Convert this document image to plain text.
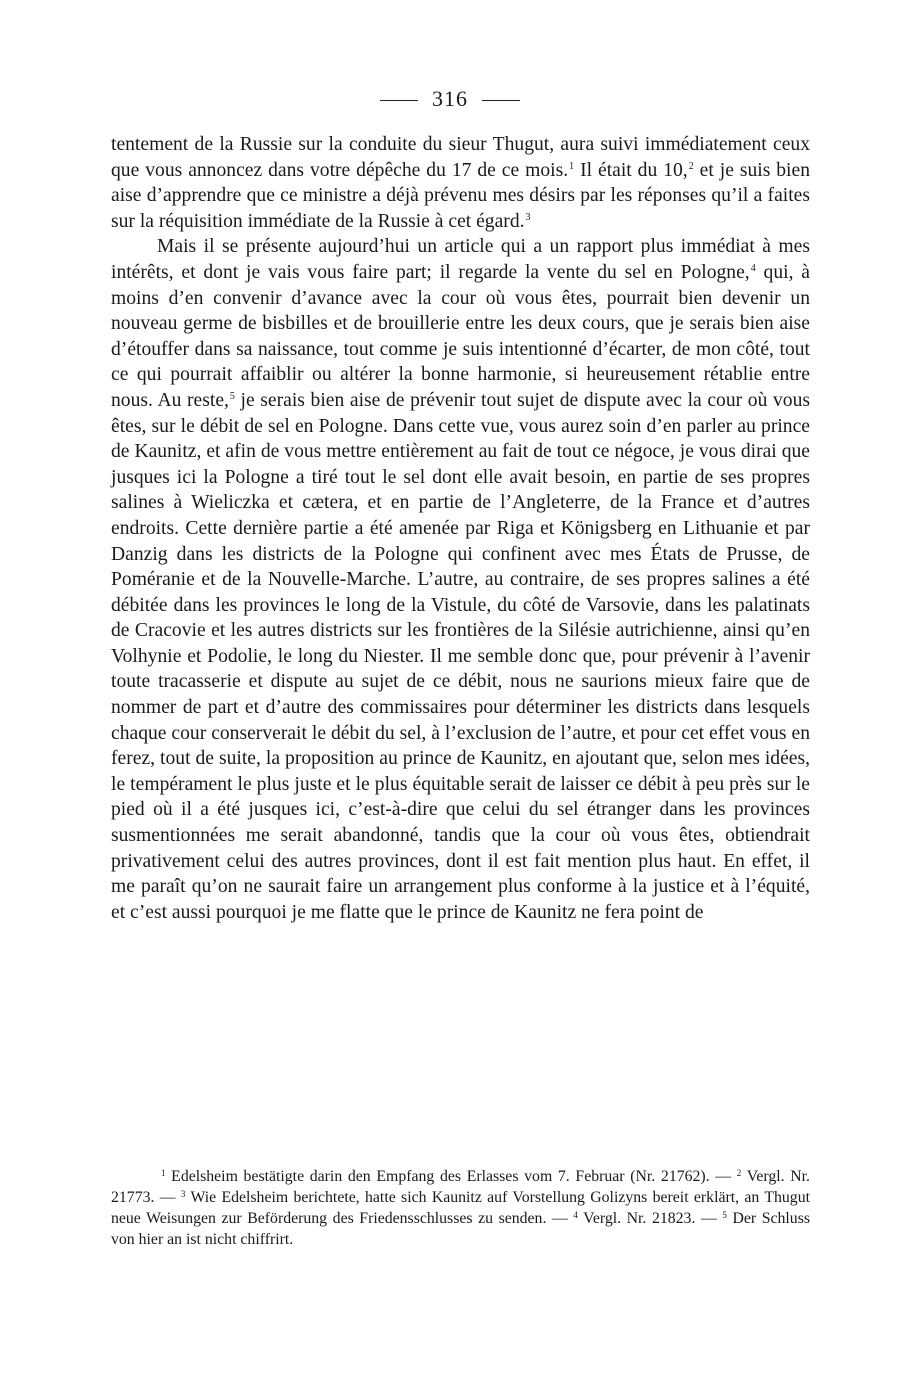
316

tentement de la Russie sur la conduite du sieur Thugut, aura suivi immédiatement ceux que vous annoncez dans votre dépêche du 17 de ce mois.$^1$ Il était du 10,$^2$ et je suis bien aise d’apprendre que ce ministre a déjà prévenu mes désirs par les réponses qu’il a faites sur la réquisition immédiate de la Russie à cet égard.$^3$

Mais il se présente aujourd’hui un article qui a un rapport plus immédiat à mes intérêts, et dont je vais vous faire part; il regarde la vente du sel en Pologne,$^4$ qui, à moins d’en convenir d’avance avec la cour où vous êtes, pourrait bien devenir un nouveau germe de bisbilles et de brouillerie entre les deux cours, que je serais bien aise d’étouffer dans sa naissance, tout comme je suis intentionné d’écarter, de mon côté, tout ce qui pourrait affaiblir ou altérer la bonne harmonie, si heureusement rétablie entre nous. Au reste,$^5$ je serais bien aise de prévenir tout sujet de dispute avec la cour où vous êtes, sur le débit de sel en Pologne. Dans cette vue, vous aurez soin d’en parler au prince de Kaunitz, et afin de vous mettre entièrement au fait de tout ce négoce, je vous dirai que jusques ici la Pologne a tiré tout le sel dont elle avait besoin, en partie de ses propres salines à Wieliczka et cætera, et en partie de l’Angleterre, de la France et d’autres endroits. Cette dernière partie a été amenée par Riga et Königsberg en Lithuanie et par Danzig dans les districts de la Pologne qui confinent avec mes États de Prusse, de Poméranie et de la Nouvelle-Marche. L’autre, au contraire, de ses propres salines a été débitée dans les provinces le long de la Vistule, du côté de Varsovie, dans les palatinats de Cracovie et les autres districts sur les frontières de la Silésie autrichienne, ainsi qu’en Volhynie et Podolie, le long du Niester. Il me semble donc que, pour prévenir à l’avenir toute tracasserie et dispute au sujet de ce débit, nous ne saurions mieux faire que de nommer de part et d’autre des commissaires pour déterminer les districts dans lesquels chaque cour conserverait le débit du sel, à l’exclusion de l’autre, et pour cet effet vous en ferez, tout de suite, la proposition au prince de Kaunitz, en ajoutant que, selon mes idées, le tempérament le plus juste et le plus équitable serait de laisser ce débit à peu près sur le pied où il a été jusques ici, c’est-à-dire que celui du sel étranger dans les provinces susmentionnées me serait abandonné, tandis que la cour où vous êtes, obtiendrait privativement celui des autres provinces, dont il est fait mention plus haut. En effet, il me paraît qu’on ne saurait faire un arrangement plus conforme à la justice et à l’équité, et c’est aussi pourquoi je me flatte que le prince de Kaunitz ne fera point de

$^1$ Edelsheim bestätigte darin den Empfang des Erlasses vom 7. Februar (Nr. 21762). — $^2$ Vergl. Nr. 21773. — $^3$ Wie Edelsheim berichtete, hatte sich Kaunitz auf Vorstellung Golizyns bereit erklärt, an Thugut neue Weisungen zur Beförderung des Friedensschlusses zu senden. — $^4$ Vergl. Nr. 21823. — $^5$ Der Schluss von hier an ist nicht chiffrirt.
